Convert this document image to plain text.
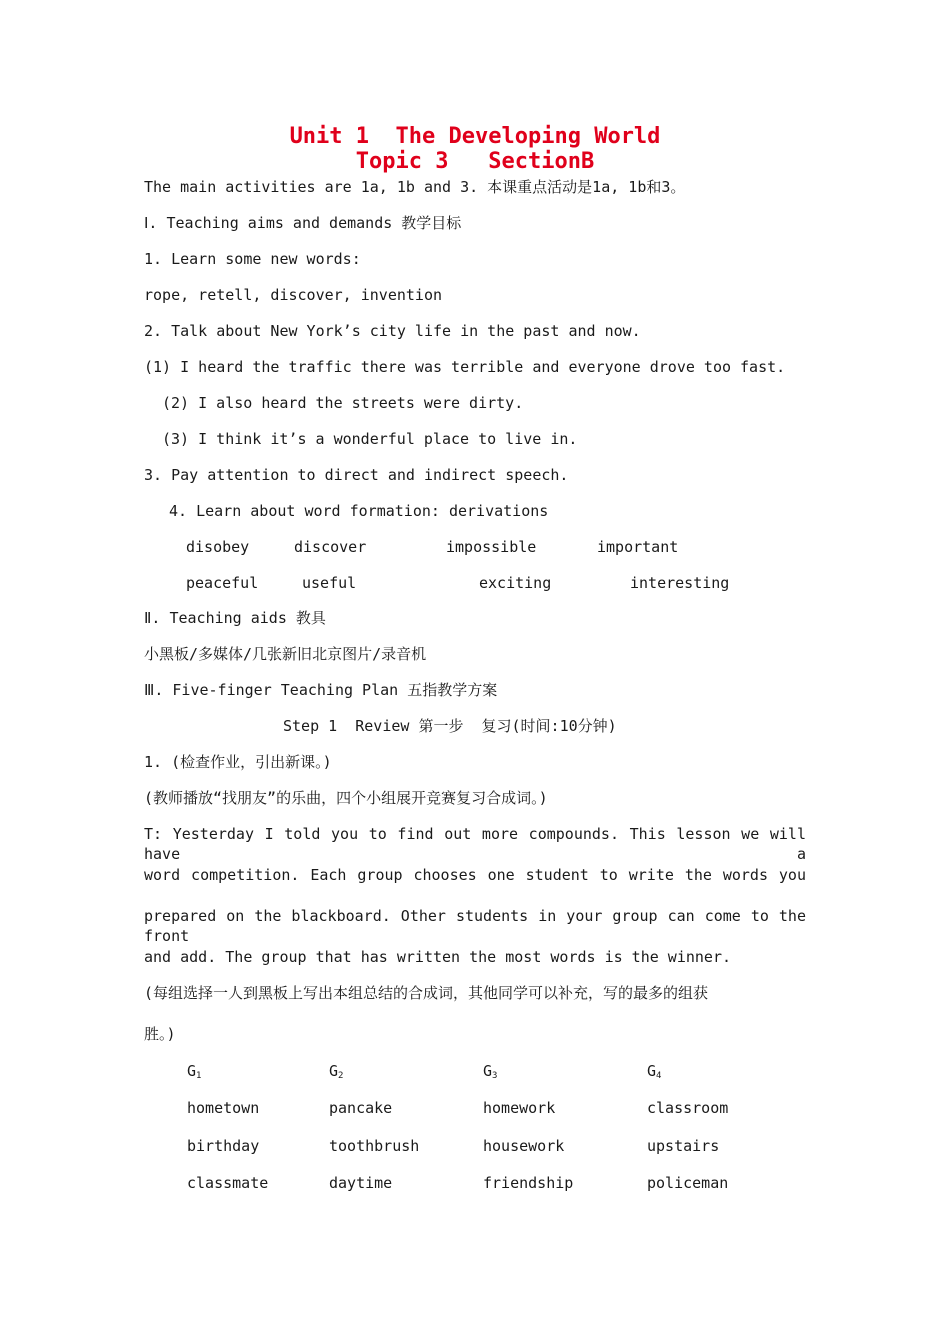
Unit 1  The Developing World
Topic 3   SectionB
The main activities are 1a, 1b and 3. 本课重点活动是1a, 1b和3。
Ⅰ. Teaching aims and demands 教学目标
1. Learn some new words:
rope, retell, discover, invention
2. Talk about New York’s city life in the past and now.
(1) I heard the traffic there was terrible and everyone drove too fast.
(2) I also heard the streets were dirty.
(3) I think it’s a wonderful place to live in.
3. Pay attention to direct and indirect speech.
4. Learn about word formation: derivations
disobey	discover	impossible	important
peaceful	useful	exciting	interesting
Ⅱ. Teaching aids 教具
小黑板/多媒体/几张新旧北京图片/录音机
Ⅲ. Five-finger Teaching Plan 五指教学方案
Step 1  Review 第一步  复习(时间:10分钟)
1. (检查作业，引出新课。)
(教师播放“找朋友”的乐曲，四个小组展开竞赛复习合成词。)
T: Yesterday I told you to find out more compounds. This lesson we will have a
word competition. Each group chooses one student to write the words you
prepared on the blackboard. Other students in your group can come to the front
and add. The group that has written the most words is the winner.
(每组选择一人到黑板上写出本组总结的合成词，其他同学可以补充，写的最多的组获
胜。)
$G_1$	$G_2$	$G_3$	$G_4$
hometown	pancake	homework	classroom
birthday	toothbrush	housework	upstairs
classmate	daytime	friendship	policeman
